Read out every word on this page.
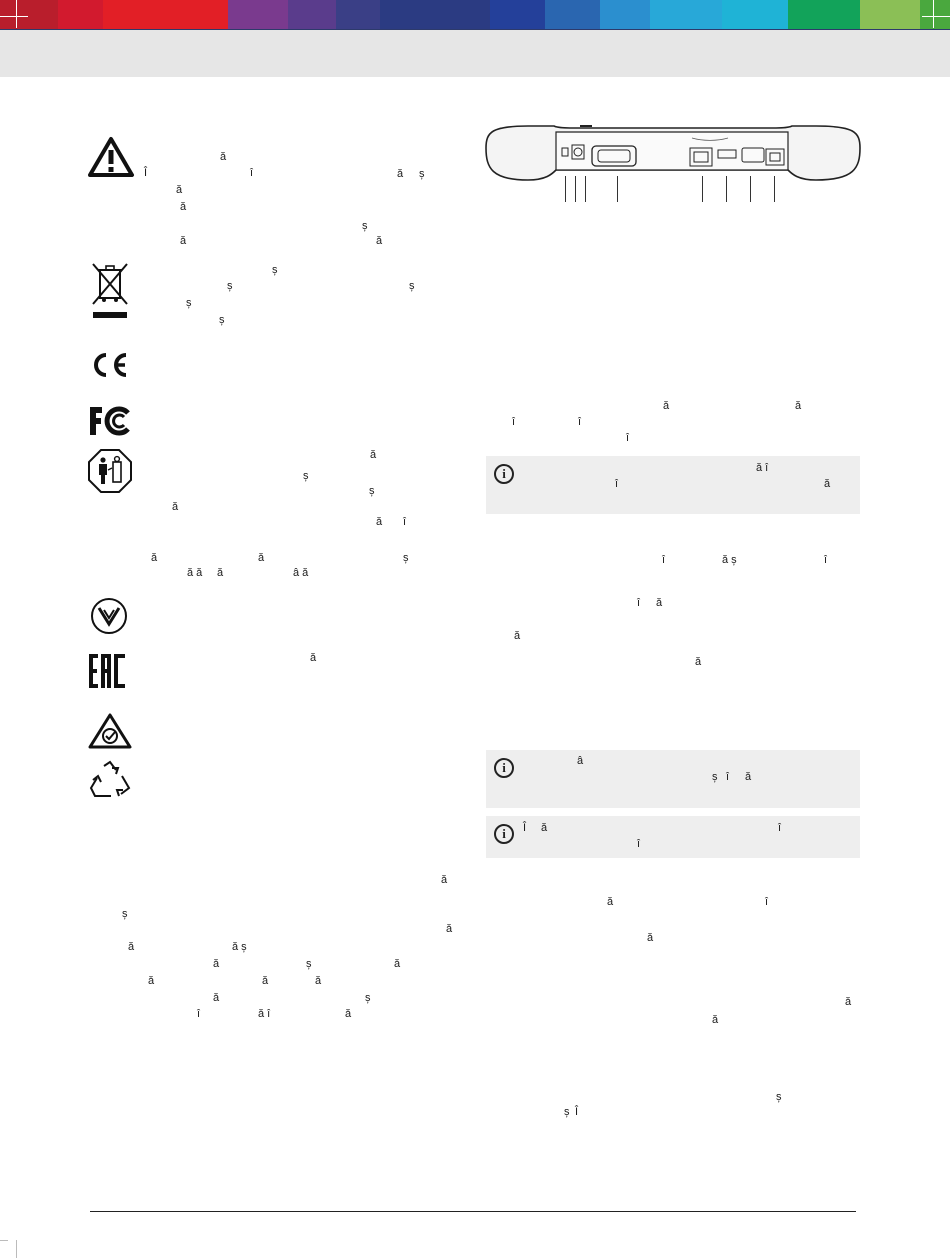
i
i
i
ă
Î	î	ă ș
ă
ă
ș
ă	ă
ș
ș	ș
ș
ș
ă
ș
ș
ă
ă î
ă	ă	ș
ă ă ă	â ă
ă
ă
ș
ă
ă	ă ș
ă	ș	ă
ă	ă	ă
ă	ș
î	ă î	ă
ă	ă
î	î
î
ă î
î	ă
î	ă ș	î
î ă
ă
ă
â
ș î ă
Î ă	î
î
ă	î
ă
ă
ă
ș
ș Î
